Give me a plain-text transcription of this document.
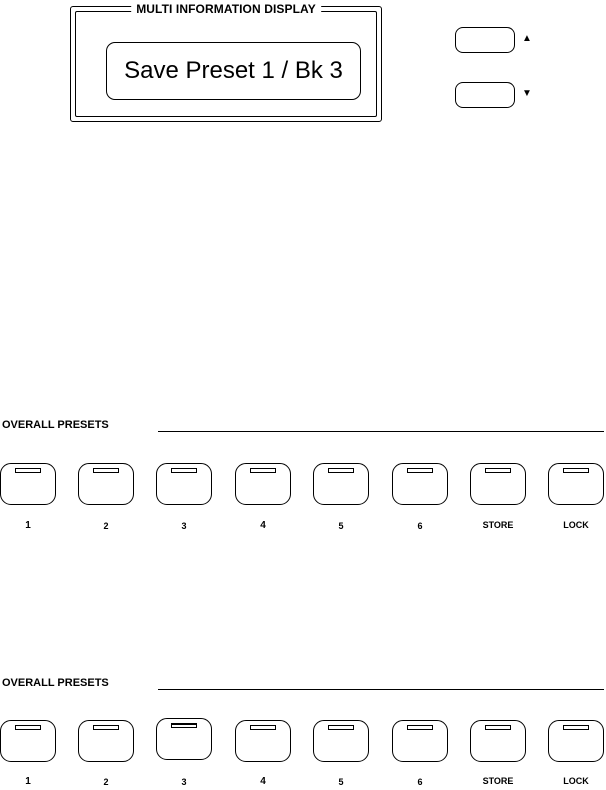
MULTI INFORMATION DISPLAY
Save Preset 1 / Bk 3
▲
▼
OVERALL PRESETS
1	2	3	4	5	6	STORE	LOCK
OVERALL PRESETS
1	2	3	4	5	6	STORE	LOCK
